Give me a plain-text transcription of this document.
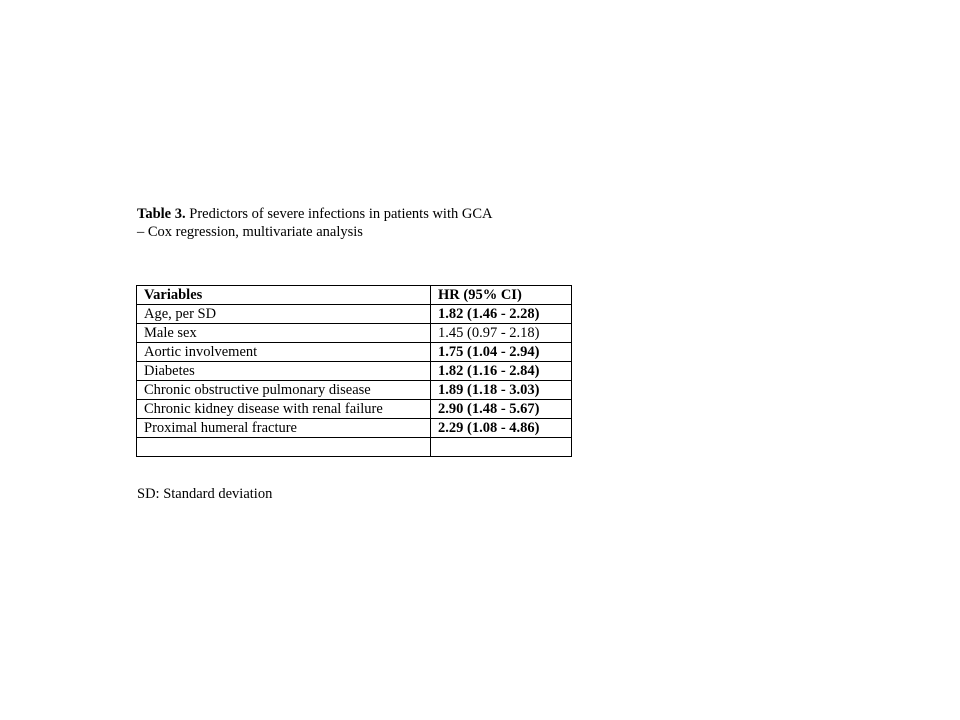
Table 3. Predictors of severe infections in patients with GCA
– Cox regression, multivariate analysis
Variables	HR (95% CI)
Age, per SD	1.82 (1.46 - 2.28)
Male sex	1.45 (0.97 - 2.18)
Aortic involvement	1.75 (1.04 - 2.94)
Diabetes	1.82 (1.16 - 2.84)
Chronic obstructive pulmonary disease	1.89 (1.18 - 3.03)
Chronic kidney disease with renal failure	2.90 (1.48 - 5.67)
Proximal humeral fracture	2.29 (1.08 - 4.86)

SD: Standard deviation
